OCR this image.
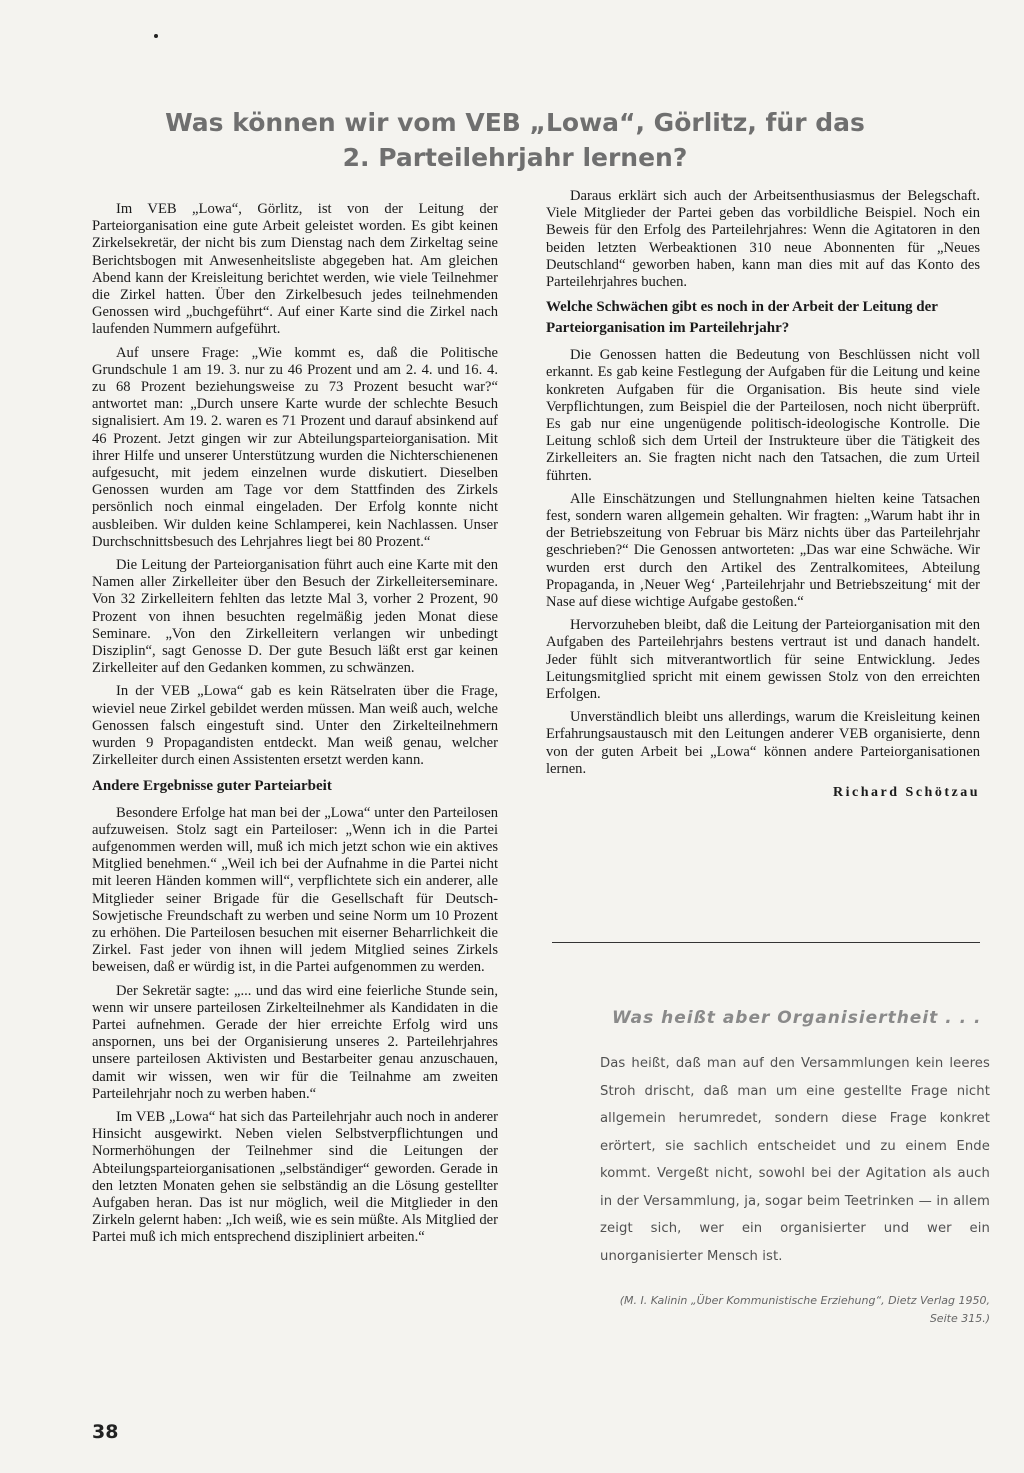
Was können wir vom VEB „Lowa“, Görlitz, für das 2. Parteilehrjahr lernen?

Im VEB „Lowa“, Görlitz, ist von der Leitung der Parteiorganisation eine gute Arbeit geleistet worden. Es gibt keinen Zirkelsekretär, der nicht bis zum Dienstag nach dem Zirkeltag seine Berichtsbogen mit Anwesenheitsliste abgegeben hat. Am gleichen Abend kann der Kreisleitung berichtet werden, wie viele Teilnehmer die Zirkel hatten. Über den Zirkelbesuch jedes teilnehmenden Genossen wird „buchgeführt“. Auf einer Karte sind die Zirkel nach laufenden Nummern aufgeführt.

Auf unsere Frage: „Wie kommt es, daß die Politische Grundschule 1 am 19. 3. nur zu 46 Prozent und am 2. 4. und 16. 4. zu 68 Prozent beziehungsweise zu 73 Prozent besucht war?“ antwortet man: „Durch unsere Karte wurde der schlechte Besuch signalisiert. Am 19. 2. waren es 71 Prozent und darauf absinkend auf 46 Prozent. Jetzt gingen wir zur Abteilungsparteiorganisation. Mit ihrer Hilfe und unserer Unterstützung wurden die Nichterschienenen aufgesucht, mit jedem einzelnen wurde diskutiert. Dieselben Genossen wurden am Tage vor dem Stattfinden des Zirkels persönlich noch einmal eingeladen. Der Erfolg konnte nicht ausbleiben. Wir dulden keine Schlamperei, kein Nachlassen. Unser Durchschnittsbesuch des Lehrjahres liegt bei 80 Prozent.“

Die Leitung der Parteiorganisation führt auch eine Karte mit den Namen aller Zirkelleiter über den Besuch der Zirkelleiterseminare. Von 32 Zirkelleitern fehlten das letzte Mal 3, vorher 2 Prozent, 90 Prozent von ihnen besuchten regelmäßig jeden Monat diese Seminare. „Von den Zirkelleitern verlangen wir unbedingt Disziplin“, sagt Genosse D. Der gute Besuch läßt erst gar keinen Zirkelleiter auf den Gedanken kommen, zu schwänzen.

In der VEB „Lowa“ gab es kein Rätselraten über die Frage, wieviel neue Zirkel gebildet werden müssen. Man weiß auch, welche Genossen falsch eingestuft sind. Unter den Zirkelteilnehmern wurden 9 Propagandisten entdeckt. Man weiß genau, welcher Zirkelleiter durch einen Assistenten ersetzt werden kann.

Andere Ergebnisse guter Parteiarbeit

Besondere Erfolge hat man bei der „Lowa“ unter den Parteilosen aufzuweisen. Stolz sagt ein Parteiloser: „Wenn ich in die Partei aufgenommen werden will, muß ich mich jetzt schon wie ein aktives Mitglied benehmen.“ „Weil ich bei der Aufnahme in die Partei nicht mit leeren Händen kommen will“, verpflichtete sich ein anderer, alle Mitglieder seiner Brigade für die Gesellschaft für Deutsch-Sowjetische Freundschaft zu werben und seine Norm um 10 Prozent zu erhöhen. Die Parteilosen besuchen mit eiserner Beharrlichkeit die Zirkel. Fast jeder von ihnen will jedem Mitglied seines Zirkels beweisen, daß er würdig ist, in die Partei aufgenommen zu werden.

Der Sekretär sagte: „... und das wird eine feierliche Stunde sein, wenn wir unsere parteilosen Zirkelteilnehmer als Kandidaten in die Partei aufnehmen. Gerade der hier erreichte Erfolg wird uns anspornen, uns bei der Organisierung unseres 2. Parteilehrjahres unsere parteilosen Aktivisten und Bestarbeiter genau anzuschauen, damit wir wissen, wen wir für die Teilnahme am zweiten Parteilehrjahr noch zu werben haben.“

Im VEB „Lowa“ hat sich das Parteilehrjahr auch noch in anderer Hinsicht ausgewirkt. Neben vielen Selbstverpflichtungen und Normerhöhungen der Teilnehmer sind die Leitungen der Abteilungsparteiorganisationen „selbständiger“ geworden. Gerade in den letzten Monaten gehen sie selbständig an die Lösung gestellter Aufgaben heran. Das ist nur möglich, weil die Mitglieder in den Zirkeln gelernt haben: „Ich weiß, wie es sein müßte. Als Mitglied der Partei muß ich mich entsprechend diszipliniert arbeiten.“

Daraus erklärt sich auch der Arbeitsenthusiasmus der Belegschaft. Viele Mitglieder der Partei geben das vorbildliche Beispiel. Noch ein Beweis für den Erfolg des Parteilehrjahres: Wenn die Agitatoren in den beiden letzten Werbeaktionen 310 neue Abonnenten für „Neues Deutschland“ geworben haben, kann man dies mit auf das Konto des Parteilehrjahres buchen.

Welche Schwächen gibt es noch in der Arbeit der Leitung der Parteiorganisation im Parteilehrjahr?

Die Genossen hatten die Bedeutung von Beschlüssen nicht voll erkannt. Es gab keine Festlegung der Aufgaben für die Leitung und keine konkreten Aufgaben für die Organisation. Bis heute sind viele Verpflichtungen, zum Beispiel die der Parteilosen, noch nicht überprüft. Es gab nur eine ungenügende politisch-ideologische Kontrolle. Die Leitung schloß sich dem Urteil der Instrukteure über die Tätigkeit des Zirkelleiters an. Sie fragten nicht nach den Tatsachen, die zum Urteil führten.

Alle Einschätzungen und Stellungnahmen hielten keine Tatsachen fest, sondern waren allgemein gehalten. Wir fragten: „Warum habt ihr in der Betriebszeitung von Februar bis März nichts über das Parteilehrjahr geschrieben?“ Die Genossen antworteten: „Das war eine Schwäche. Wir wurden erst durch den Artikel des Zentralkomitees, Abteilung Propaganda, in ‚Neuer Weg‘ ‚Parteilehrjahr und Betriebszeitung‘ mit der Nase auf diese wichtige Aufgabe gestoßen.“

Hervorzuheben bleibt, daß die Leitung der Parteiorganisation mit den Aufgaben des Parteilehrjahrs bestens vertraut ist und danach handelt. Jeder fühlt sich mitverantwortlich für seine Entwicklung. Jedes Leitungsmitglied spricht mit einem gewissen Stolz von den erreichten Erfolgen.

Unverständlich bleibt uns allerdings, warum die Kreisleitung keinen Erfahrungsaustausch mit den Leitungen anderer VEB organisierte, denn von der guten Arbeit bei „Lowa“ können andere Parteiorganisationen lernen.

Richard Schötzau
Was heißt aber Organisiertheit . . .

Das heißt, daß man auf den Versammlungen kein leeres Stroh drischt, daß man um eine gestellte Frage nicht allgemein herumredet, sondern diese Frage konkret erörtert, sie sachlich entscheidet und zu einem Ende kommt. Vergeßt nicht, sowohl bei der Agitation als auch in der Versammlung, ja, sogar beim Teetrinken — in allem zeigt sich, wer ein organisierter und wer ein unorganisierter Mensch ist.

(M. I. Kalinin „Über Kommunistische Erziehung“, Dietz Verlag 1950, Seite 315.)

38
